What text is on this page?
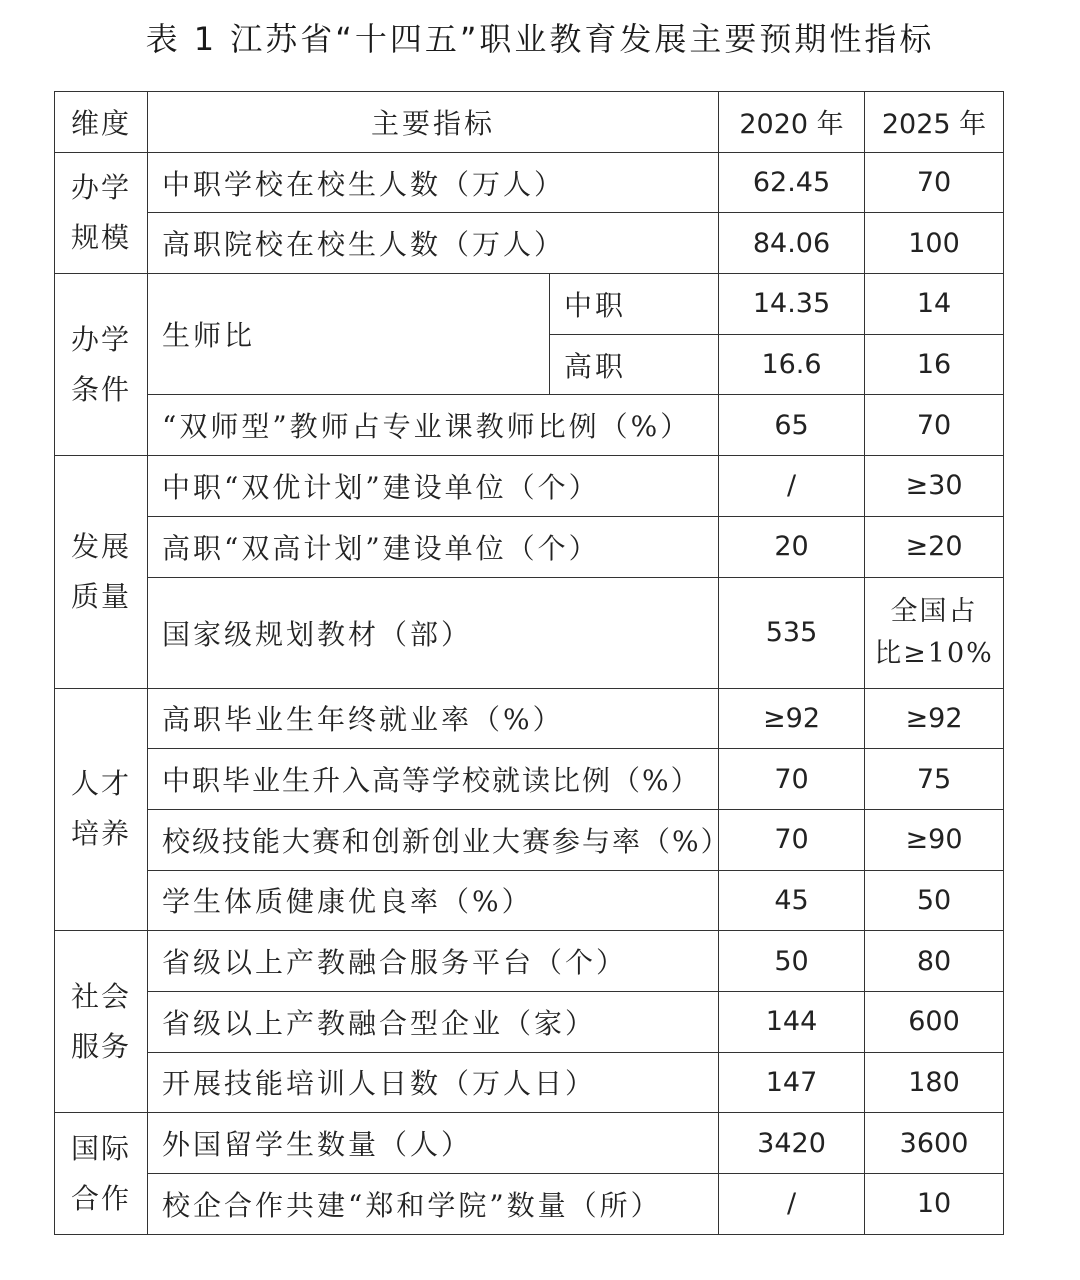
表 1 江苏省“十四五”职业教育发展主要预期性指标
维度	主要指标		2020 年	2025 年

办学
规模	中职学校在校生人数（万人）		62.45	70
	高职院校在校生人数（万人）		84.06	100

办学
条件	生师比	中职	14.35	14
		高职	16.6	16
	“双师型”教师占专业课教师比例（%）		65	70

发展
质量	中职“双优计划”建设单位（个）		/	≥30
	高职“双高计划”建设单位（个）		20	≥20
	国家级规划教材（部）		535	全国占
比≥10%

人才
培养	高职毕业生年终就业率（%）		≥92	≥92
	中职毕业生升入高等学校就读比例（%）		70	75
	校级技能大赛和创新创业大赛参与率（%）		70	≥90
	学生体质健康优良率（%）		45	50

社会
服务	省级以上产教融合服务平台（个）		50	80
	省级以上产教融合型企业（家）		144	600
	开展技能培训人日数（万人日）		147	180

国际
合作	外国留学生数量（人）		3420	3600
	校企合作共建“郑和学院”数量（所）		/	10
